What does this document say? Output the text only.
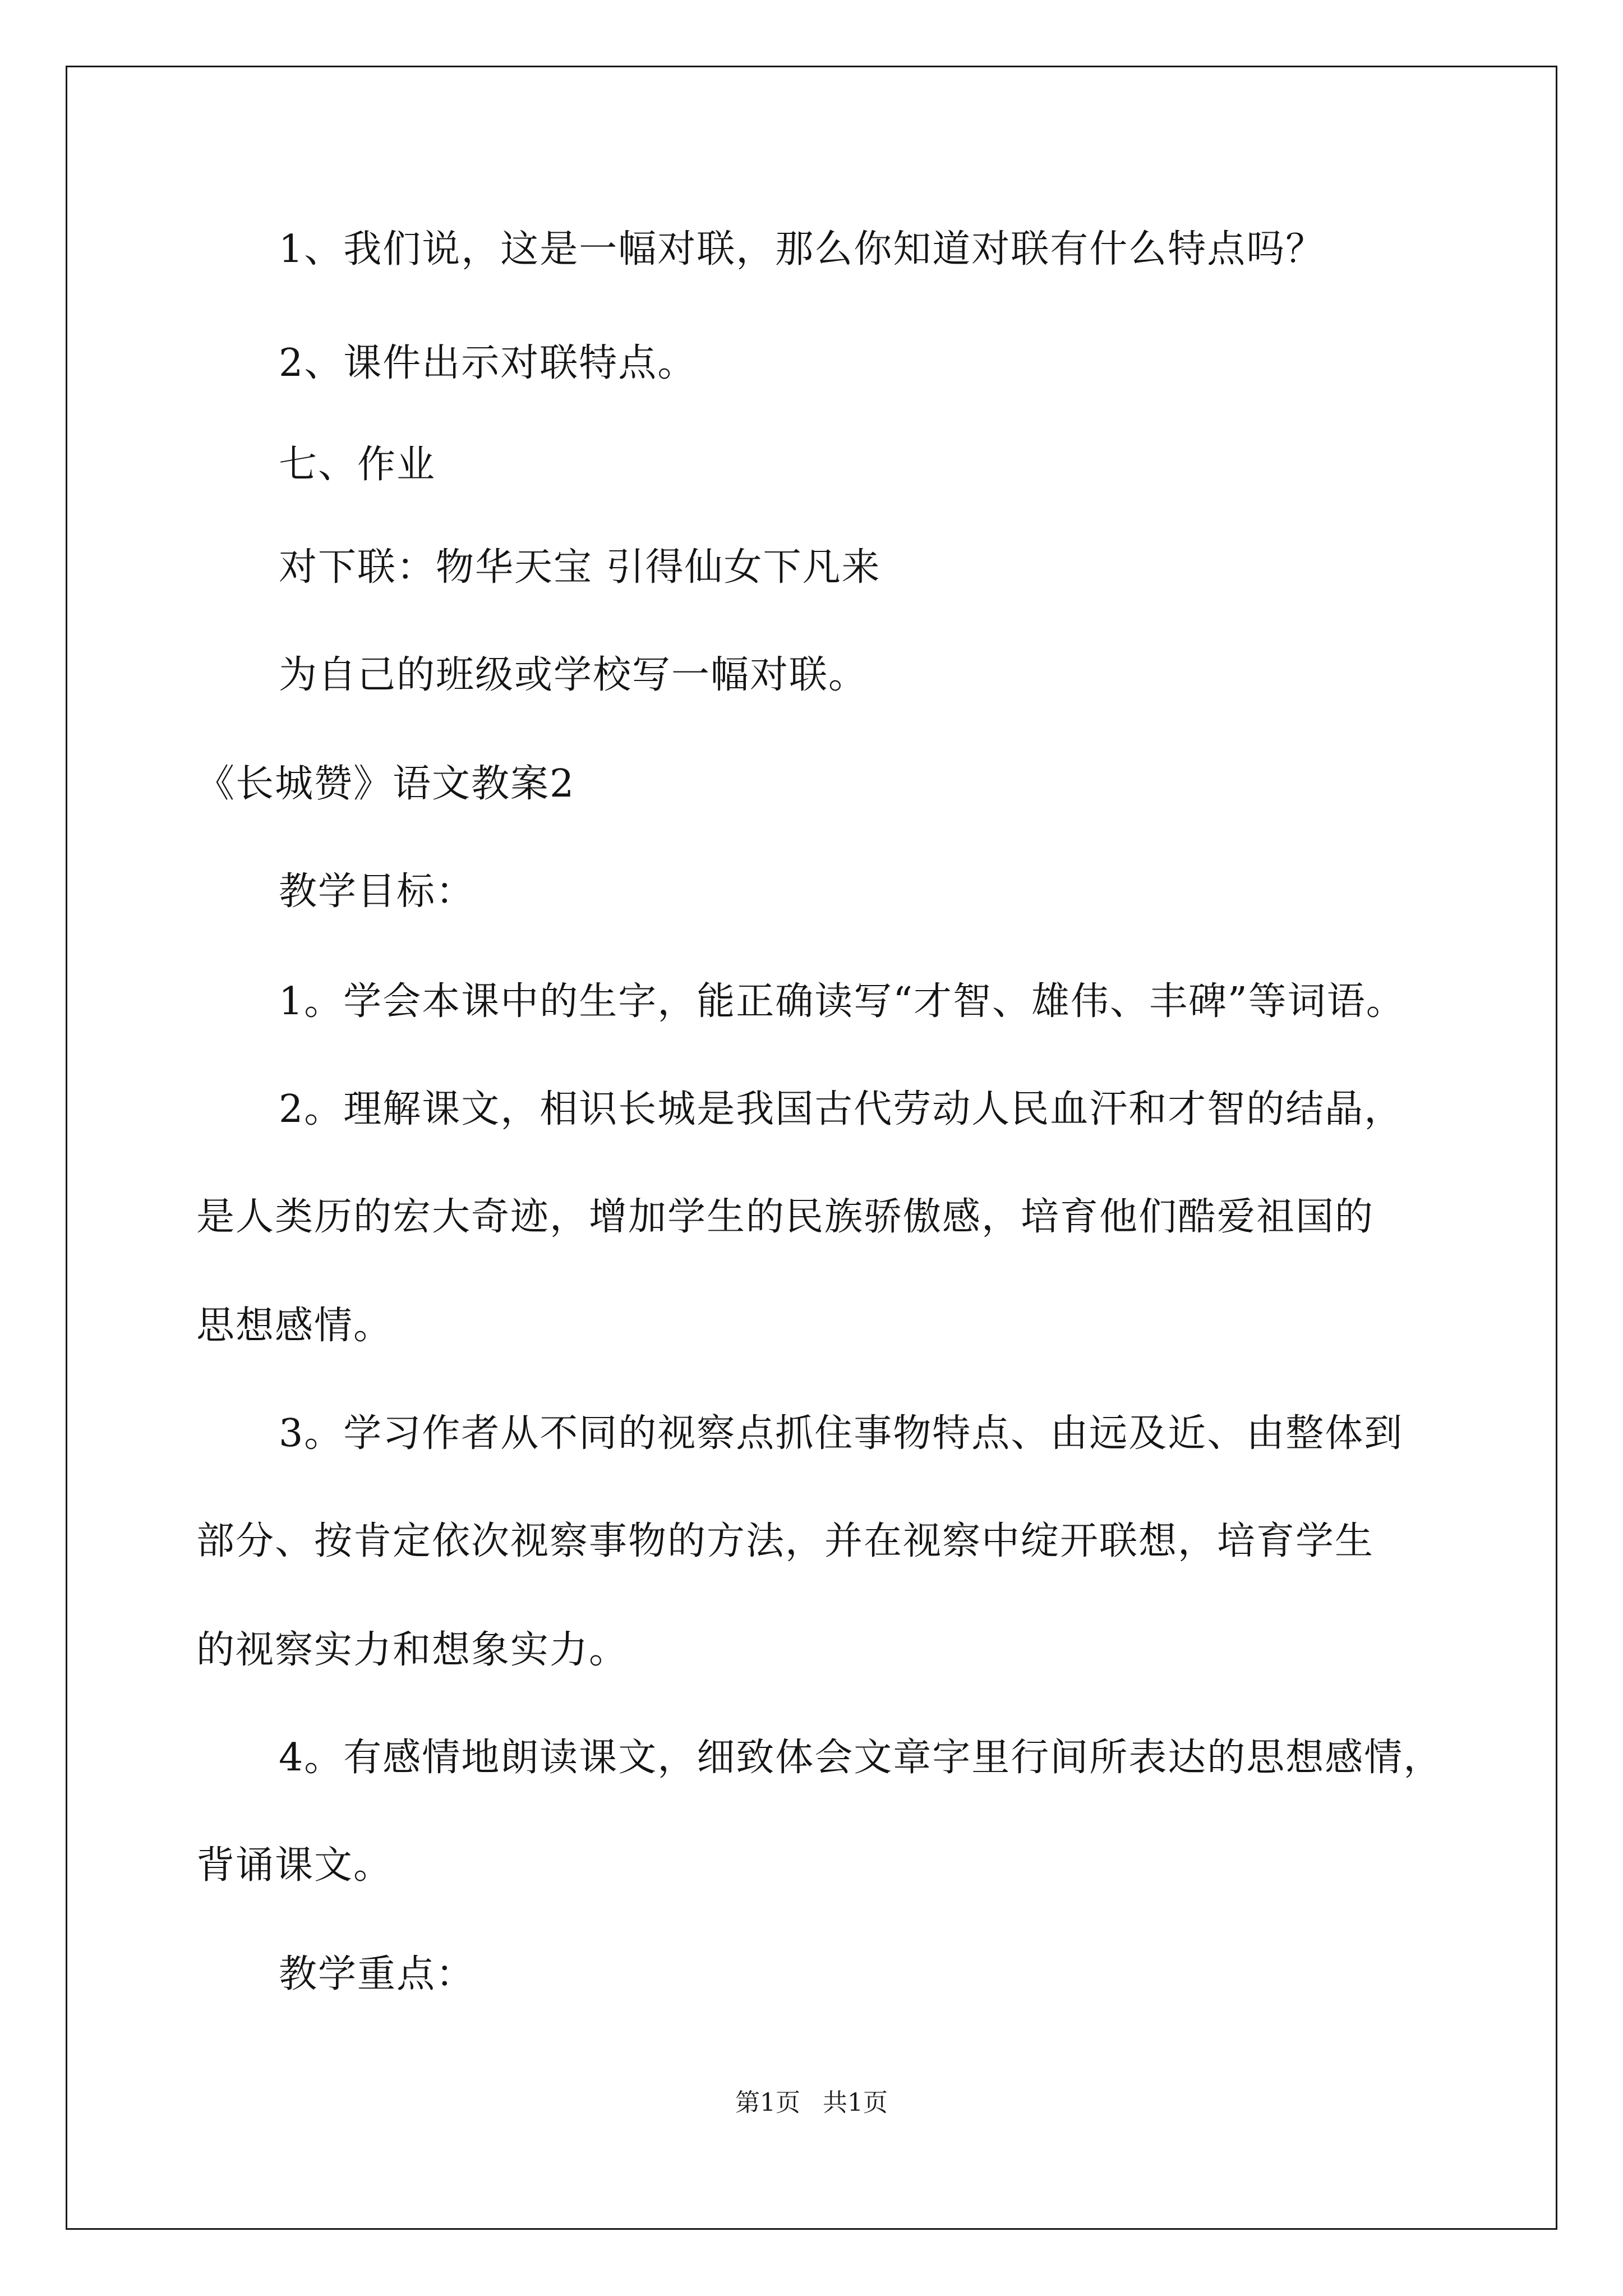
1、我们说，这是一幅对联，那么你知道对联有什么特点吗？

2、课件出示对联特点。

七、作业

对下联：物华天宝 引得仙女下凡来

为自己的班级或学校写一幅对联。

《长城赞》语文教案2

教学目标：

1。学会本课中的生字，能正确读写“才智、雄伟、丰碑”等词语。

2。理解课文，相识长城是我国古代劳动人民血汗和才智的结晶，

是人类历的宏大奇迹，增加学生的民族骄傲感，培育他们酷爱祖国的

思想感情。

3。学习作者从不同的视察点抓住事物特点、由远及近、由整体到

部分、按肯定依次视察事物的方法，并在视察中绽开联想，培育学生

的视察实力和想象实力。

4。有感情地朗读课文，细致体会文章字里行间所表达的思想感情，

背诵课文。

教学重点：

第1页 共1页
